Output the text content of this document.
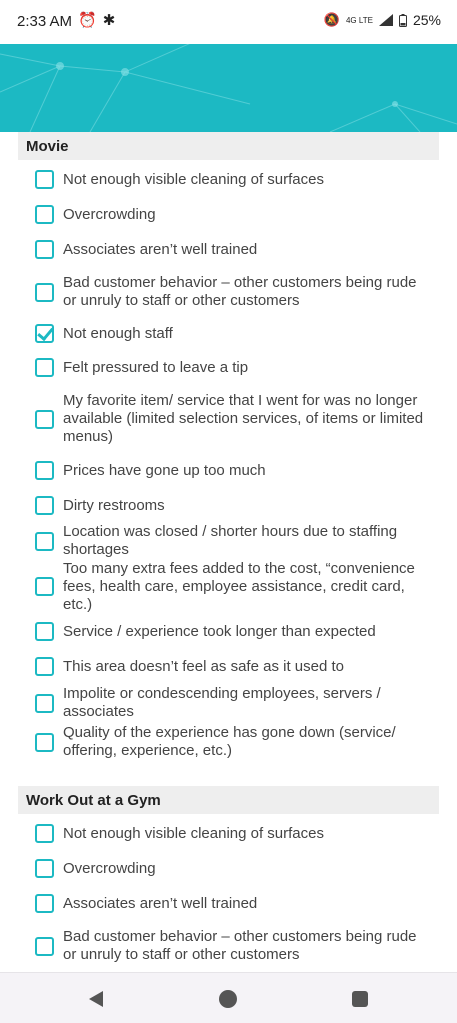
2:33 AM ⏰✱	🔕 4G LTE	25%
Movie
Not enough visible cleaning of surfaces
Overcrowding
Associates aren’t well trained
Bad customer behavior – other customers being rude or unruly to staff or other customers
Not enough staff
Felt pressured to leave a tip
My favorite item/ service that I went for was no longer available (limited selection services, of items or limited menus)
Prices have gone up too much
Dirty restrooms
Location was closed / shorter hours due to staffing shortages
Too many extra fees added to the cost, “convenience fees, health care, employee assistance, credit card, etc.)
Service / experience took longer than expected
This area doesn’t feel as safe as it used to
Impolite or condescending employees, servers / associates
Quality of the experience has gone down (service/ offering, experience, etc.)
Work Out at a Gym
Not enough visible cleaning of surfaces
Overcrowding
Associates aren’t well trained
Bad customer behavior – other customers being rude or unruly to staff or other customers
